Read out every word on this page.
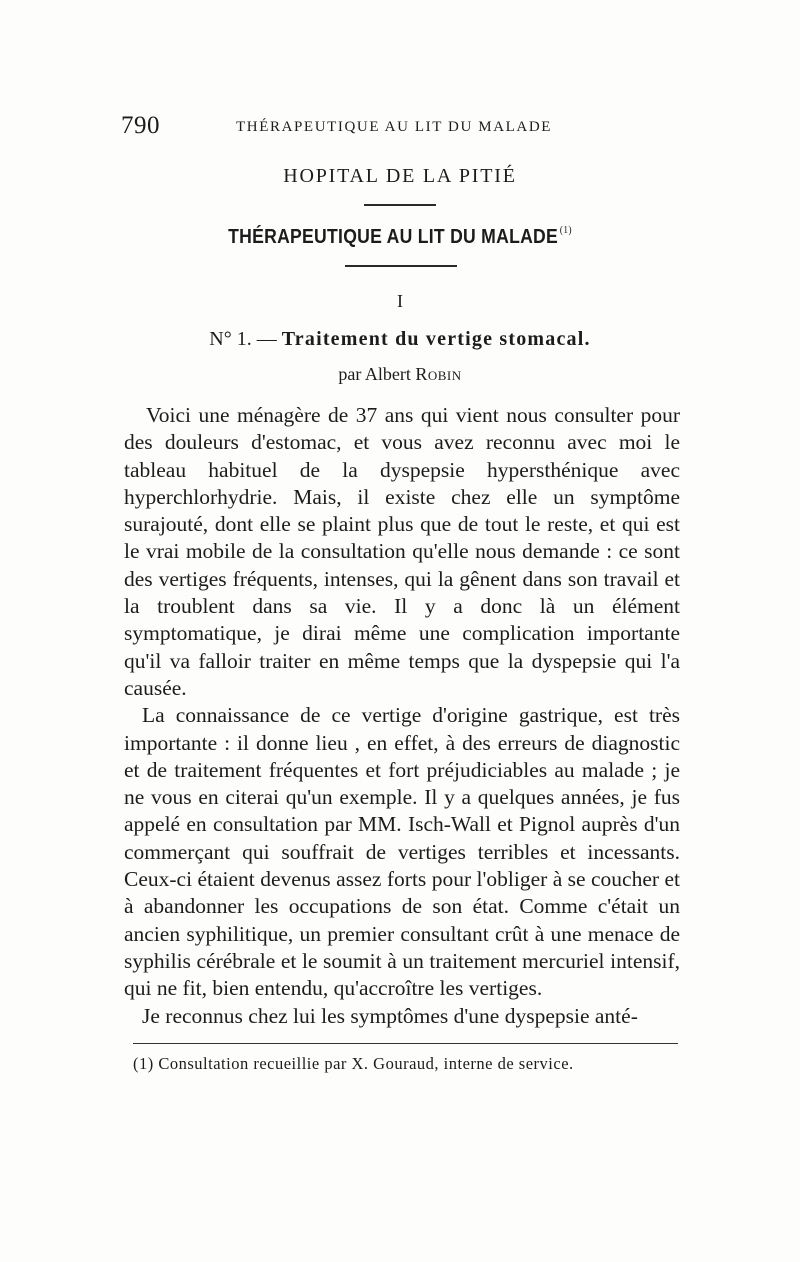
790	THÉRAPEUTIQUE AU LIT DU MALADE
HOPITAL DE LA PITIÉ
THÉRAPEUTIQUE AU LIT DU MALADE $^{(1)}$
I
N° 1. — Traitement du vertige stomacal.
par Albert Robin

Voici une ménagère de 37 ans qui vient nous consulter pour des douleurs d'estomac, et vous avez reconnu avec moi le tableau habituel de la dyspepsie hypersthénique avec hyperchlorhydrie. Mais, il existe chez elle un symptôme surajouté, dont elle se plaint plus que de tout le reste, et qui est le vrai mobile de la consultation qu'elle nous demande : ce sont des vertiges fréquents, intenses, qui la gênent dans son travail et la troublent dans sa vie. Il y a donc là un élément symptomatique, je dirai même une complication importante qu'il va falloir traiter en même temps que la dyspepsie qui l'a causée.

La connaissance de ce vertige d'origine gastrique, est très importante : il donne lieu , en effet, à des erreurs de diagnostic et de traitement fréquentes et fort préjudiciables au malade ; je ne vous en citerai qu'un exemple. Il y a quelques années, je fus appelé en consultation par MM. Isch-Wall et Pignol auprès d'un commerçant qui souffrait de vertiges terribles et incessants. Ceux-ci étaient devenus assez forts pour l'obliger à se coucher et à abandonner les occupations de son état. Comme c'était un ancien syphilitique, un premier consultant crût à une menace de syphilis cérébrale et le soumit à un traitement mercuriel intensif, qui ne fit, bien entendu, qu'accroître les vertiges.

Je reconnus chez lui les symptômes d'une dyspepsie anté-

(1) Consultation recueillie par X. Gouraud, interne de service.
